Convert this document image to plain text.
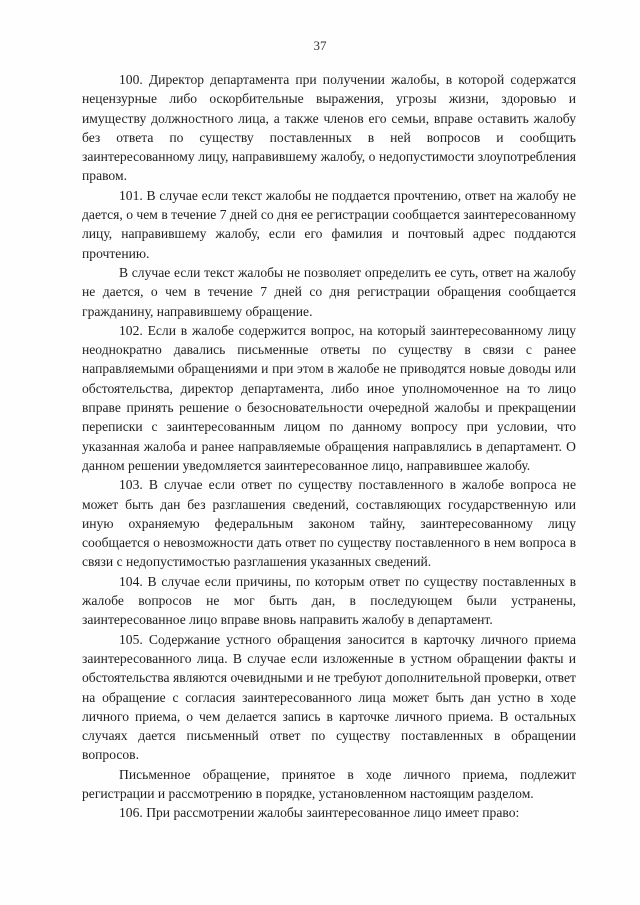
37

100. Директор департамента при получении жалобы, в которой содержатся нецензурные либо оскорбительные выражения, угрозы жизни, здоровью и имуществу должностного лица, а также членов его семьи, вправе оставить жалобу без ответа по существу поставленных в ней вопросов и сообщить заинтересованному лицу, направившему жалобу, о недопустимости злоупотребления правом.

101. В случае если текст жалобы не поддается прочтению, ответ на жалобу не дается, о чем в течение 7 дней со дня ее регистрации сообщается заинтересованному лицу, направившему жалобу, если его фамилия и почтовый адрес поддаются прочтению.

В случае если текст жалобы не позволяет определить ее суть, ответ на жалобу не дается, о чем в течение 7 дней со дня регистрации обращения сообщается гражданину, направившему обращение.

102. Если в жалобе содержится вопрос, на который заинтересованному лицу неоднократно давались письменные ответы по существу в связи с ранее направляемыми обращениями и при этом в жалобе не приводятся новые доводы или обстоятельства, директор департамента, либо иное уполномоченное на то лицо вправе принять решение о безосновательности очередной жалобы и прекращении переписки с заинтересованным лицом по данному вопросу при условии, что указанная жалоба и ранее направляемые обращения направлялись в департамент. О данном решении уведомляется заинтересованное лицо, направившее жалобу.

103. В случае если ответ по существу поставленного в жалобе вопроса не может быть дан без разглашения сведений, составляющих государственную или иную охраняемую федеральным законом тайну, заинтересованному лицу сообщается о невозможности дать ответ по существу поставленного в нем вопроса в связи с недопустимостью разглашения указанных сведений.

104. В случае если причины, по которым ответ по существу поставленных в жалобе вопросов не мог быть дан, в последующем были устранены, заинтересованное лицо вправе вновь направить жалобу в департамент.

105. Содержание устного обращения заносится в карточку личного приема заинтересованного лица. В случае если изложенные в устном обращении факты и обстоятельства являются очевидными и не требуют дополнительной проверки, ответ на обращение с согласия заинтересованного лица может быть дан устно в ходе личного приема, о чем делается запись в карточке личного приема. В остальных случаях дается письменный ответ по существу поставленных в обращении вопросов.

Письменное обращение, принятое в ходе личного приема, подлежит регистрации и рассмотрению в порядке, установленном настоящим разделом.

106. При рассмотрении жалобы заинтересованное лицо имеет право:
